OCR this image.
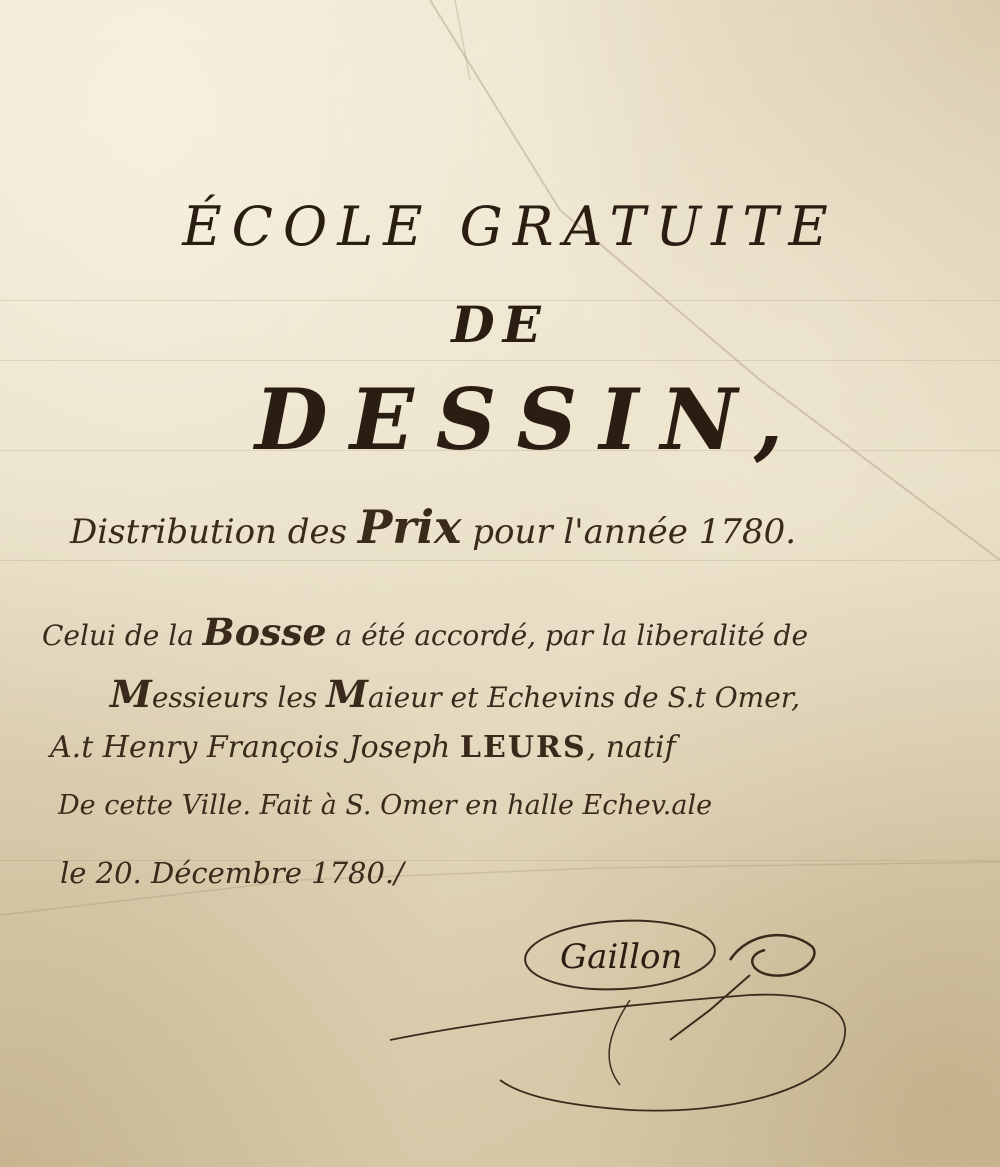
ÉCOLE GRATUITE
DE
DESSIN,
Distribution des Prix pour l'année 1780.
Celui de la Bosse a été accordé, par la liberalité de
Messieurs les Maieur et Echevins de S.t Omer,
A.t Henry François Joseph LEURS, natif
De cette Ville. Fait à S. Omer en halle Echev.ale
le 20. Décembre 1780./
Gaillon
